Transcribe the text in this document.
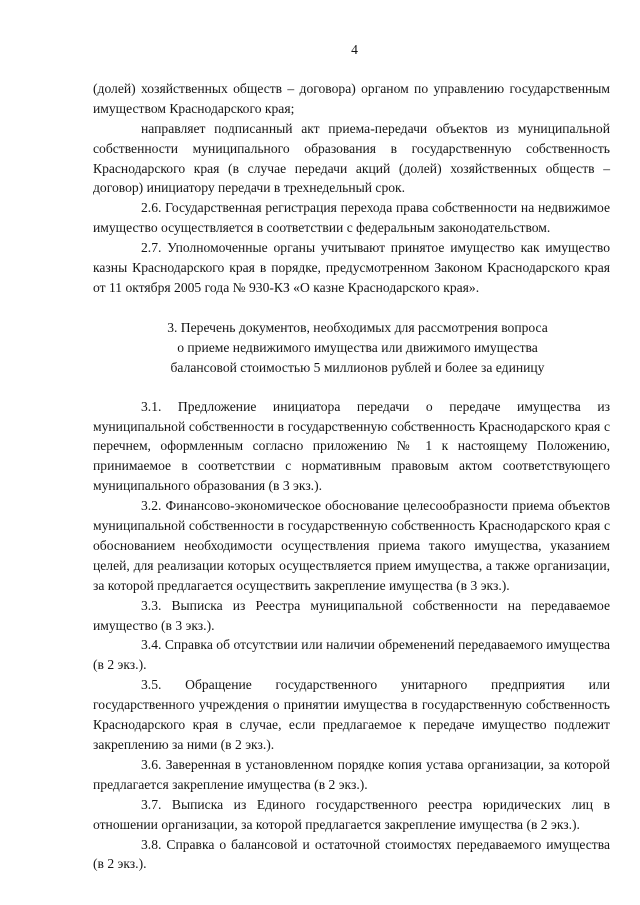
4

(долей) хозяйственных обществ – договора) органом по управлению государственным имуществом Краснодарского края;

направляет подписанный акт приема-передачи объектов из муниципальной собственности муниципального образования в государственную собственность Краснодарского края (в случае передачи акций (долей) хозяйственных обществ – договор) инициатору передачи в трехнедельный срок.

2.6. Государственная регистрация перехода права собственности на недвижимое имущество осуществляется в соответствии с федеральным законодательством.

2.7. Уполномоченные органы учитывают принятое имущество как имущество казны Краснодарского края в порядке, предусмотренном Законом Краснодарского края от 11 октября 2005 года № 930-КЗ «О казне Краснодарского края».

3. Перечень документов, необходимых для рассмотрения вопроса
о приеме недвижимого имущества или движимого имущества
балансовой стоимостью 5 миллионов рублей и более за единицу

3.1. Предложение инициатора передачи о передаче имущества из муниципальной собственности в государственную собственность Краснодарского края с перечнем, оформленным согласно приложению № 1 к настоящему Положению, принимаемое в соответствии с нормативным правовым актом соответствующего муниципального образования (в 3 экз.).

3.2. Финансово-экономическое обоснование целесообразности приема объектов муниципальной собственности в государственную собственность Краснодарского края с обоснованием необходимости осуществления приема такого имущества, указанием целей, для реализации которых осуществляется прием имущества, а также организации, за которой предлагается осуществить закрепление имущества (в 3 экз.).

3.3. Выписка из Реестра муниципальной собственности на передаваемое имущество (в 3 экз.).

3.4. Справка об отсутствии или наличии обременений передаваемого имущества (в 2 экз.).

3.5. Обращение государственного унитарного предприятия или государственного учреждения о принятии имущества в государственную собственность Краснодарского края в случае, если предлагаемое к передаче имущество подлежит закреплению за ними (в 2 экз.).

3.6. Заверенная в установленном порядке копия устава организации, за которой предлагается закрепление имущества (в 2 экз.).

3.7. Выписка из Единого государственного реестра юридических лиц в отношении организации, за которой предлагается закрепление имущества (в 2 экз.).

3.8. Справка о балансовой и остаточной стоимостях передаваемого имущества (в 2 экз.).
